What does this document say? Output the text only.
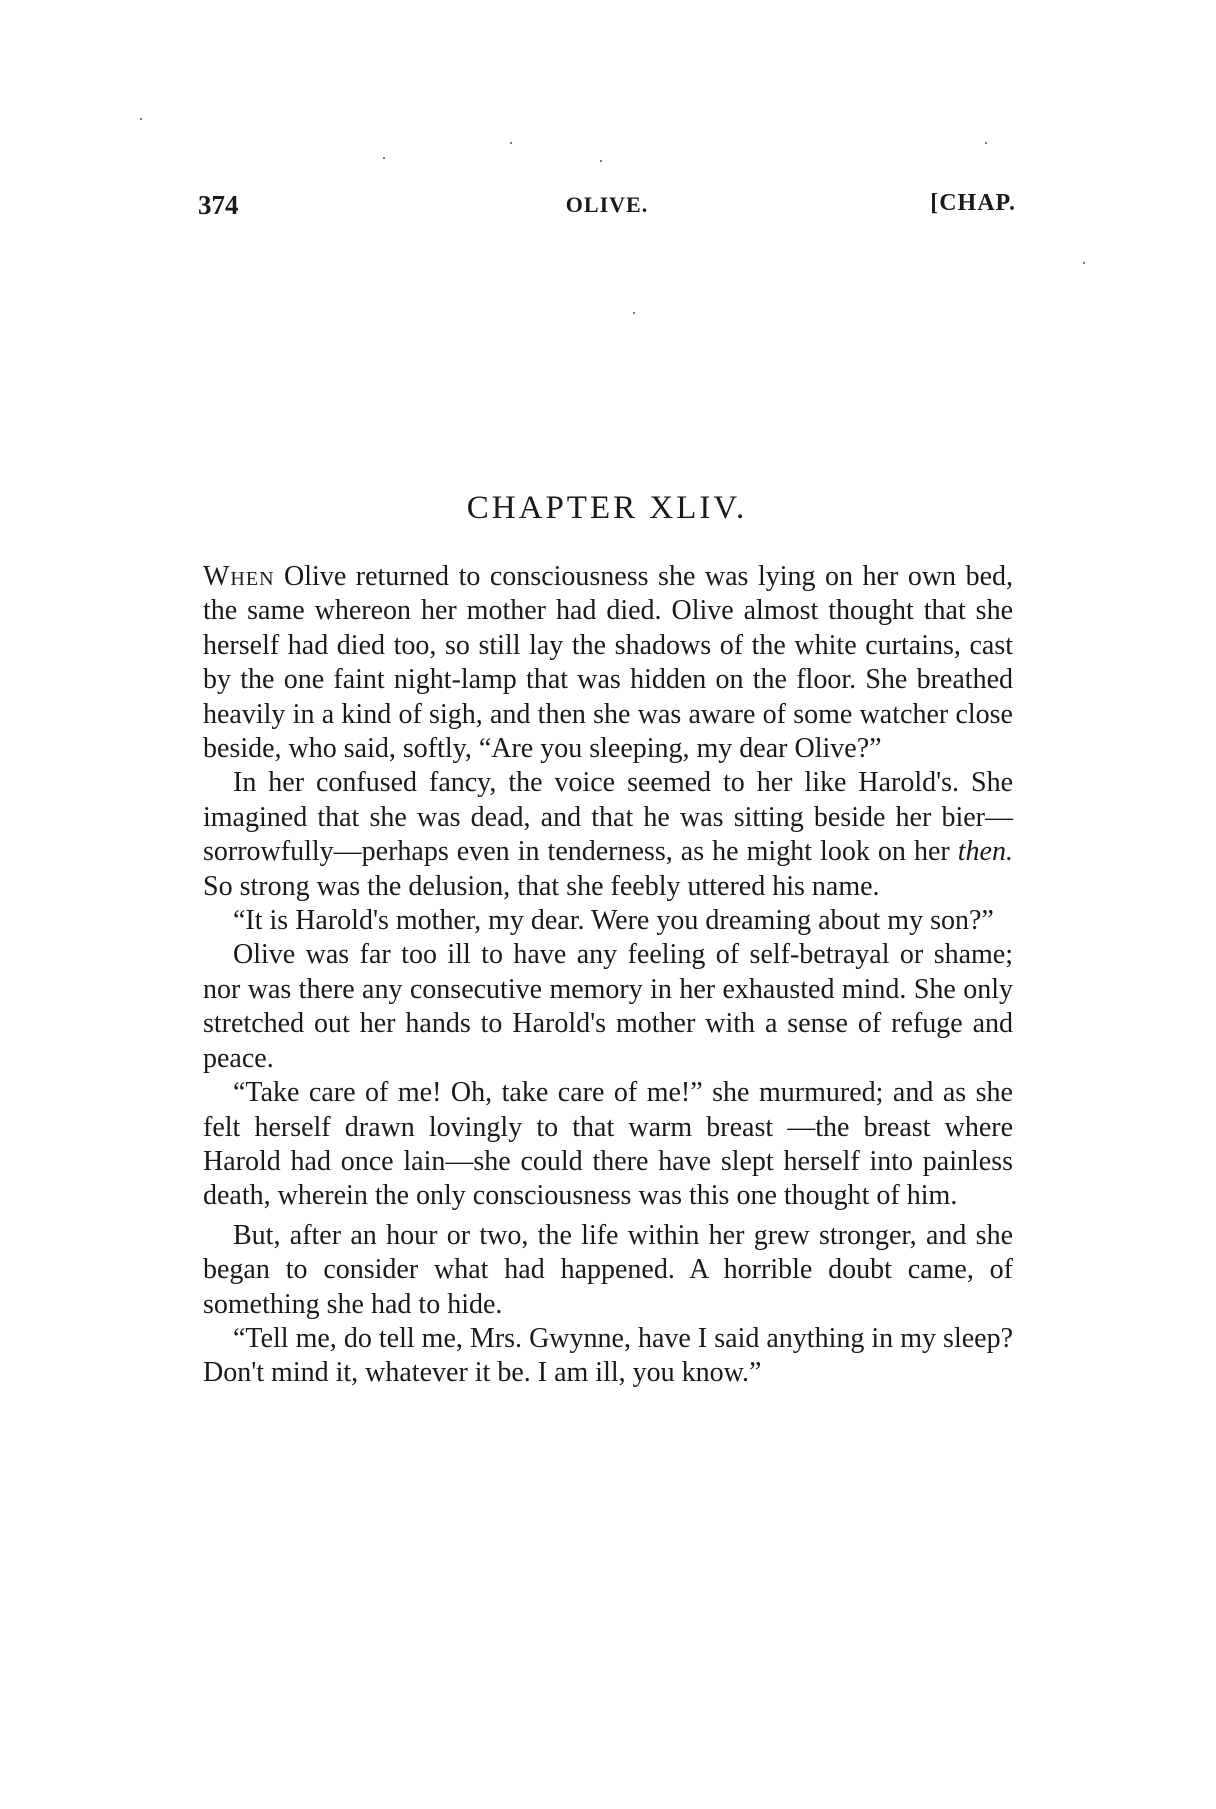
374	OLIVE.	[CHAP.
CHAPTER XLIV.

When Olive returned to consciousness she was lying on her own bed, the same whereon her mother had died. Olive almost thought that she herself had died too, so still lay the shadows of the white curtains, cast by the one faint night-lamp that was hidden on the floor. She breathed heavily in a kind of sigh, and then she was aware of some watcher close beside, who said, softly, “Are you sleeping, my dear Olive?”

In her confused fancy, the voice seemed to her like Harold's. She imagined that she was dead, and that he was sitting beside her bier—sorrowfully—perhaps even in tenderness, as he might look on her then. So strong was the delusion, that she feebly uttered his name.

“It is Harold's mother, my dear. Were you dreaming about my son?”

Olive was far too ill to have any feeling of self-betrayal or shame; nor was there any consecutive memory in her exhausted mind. She only stretched out her hands to Harold's mother with a sense of refuge and peace.

“Take care of me! Oh, take care of me!” she murmured; and as she felt herself drawn lovingly to that warm breast —the breast where Harold had once lain—she could there have slept herself into painless death, wherein the only consciousness was this one thought of him.

But, after an hour or two, the life within her grew stronger, and she began to consider what had happened. A horrible doubt came, of something she had to hide.

“Tell me, do tell me, Mrs. Gwynne, have I said anything in my sleep? Don't mind it, whatever it be. I am ill, you know.”
